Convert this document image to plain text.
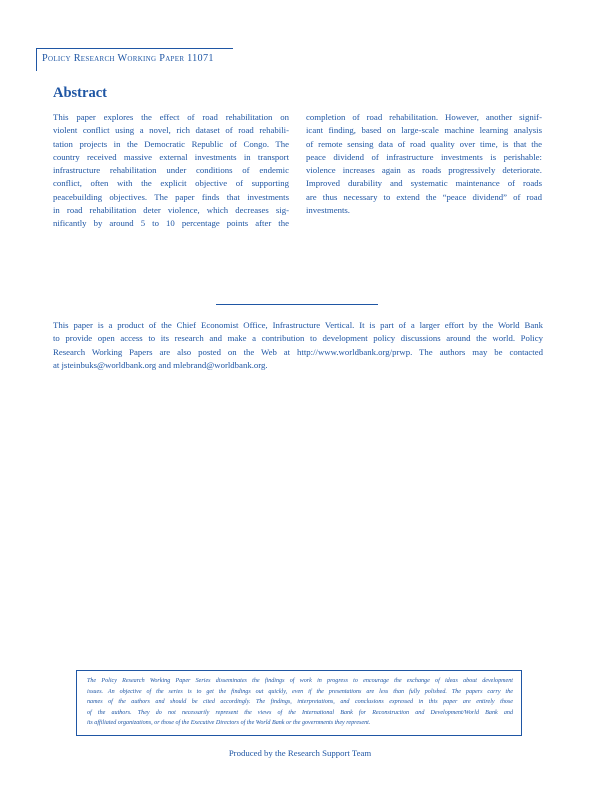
Policy Research Working Paper 11071
Abstract
This paper explores the effect of road rehabilitation on
violent conflict using a novel, rich dataset of road rehabili-
tation projects in the Democratic Republic of Congo. The
country received massive external investments in transport
infrastructure rehabilitation under conditions of endemic
conflict, often with the explicit objective of supporting
peacebuilding objectives. The paper finds that investments
in road rehabilitation deter violence, which decreases sig-
nificantly by around 5 to 10 percentage points after the
completion of road rehabilitation. However, another signif-
icant finding, based on large-scale machine learning analysis
of remote sensing data of road quality over time, is that the
peace dividend of infrastructure investments is perishable:
violence increases again as roads progressively deteriorate.
Improved durability and systematic maintenance of roads
are thus necessary to extend the “peace dividend” of road
investments.
This paper is a product of the Chief Economist Office, Infrastructure Vertical. It is part of a larger effort by the World Bank
to provide open access to its research and make a contribution to development policy discussions around the world. Policy
Research Working Papers are also posted on the Web at http://www.worldbank.org/prwp. The authors may be contacted
at jsteinbuks@worldbank.org and mlebrand@worldbank.org.
The Policy Research Working Paper Series disseminates the findings of work in progress to encourage the exchange of ideas about development
issues. An objective of the series is to get the findings out quickly, even if the presentations are less than fully polished. The papers carry the
names of the authors and should be cited accordingly. The findings, interpretations, and conclusions expressed in this paper are entirely those
of the authors. They do not necessarily represent the views of the International Bank for Reconstruction and Development/World Bank and
its affiliated organizations, or those of the Executive Directors of the World Bank or the governments they represent.
Produced by the Research Support Team
